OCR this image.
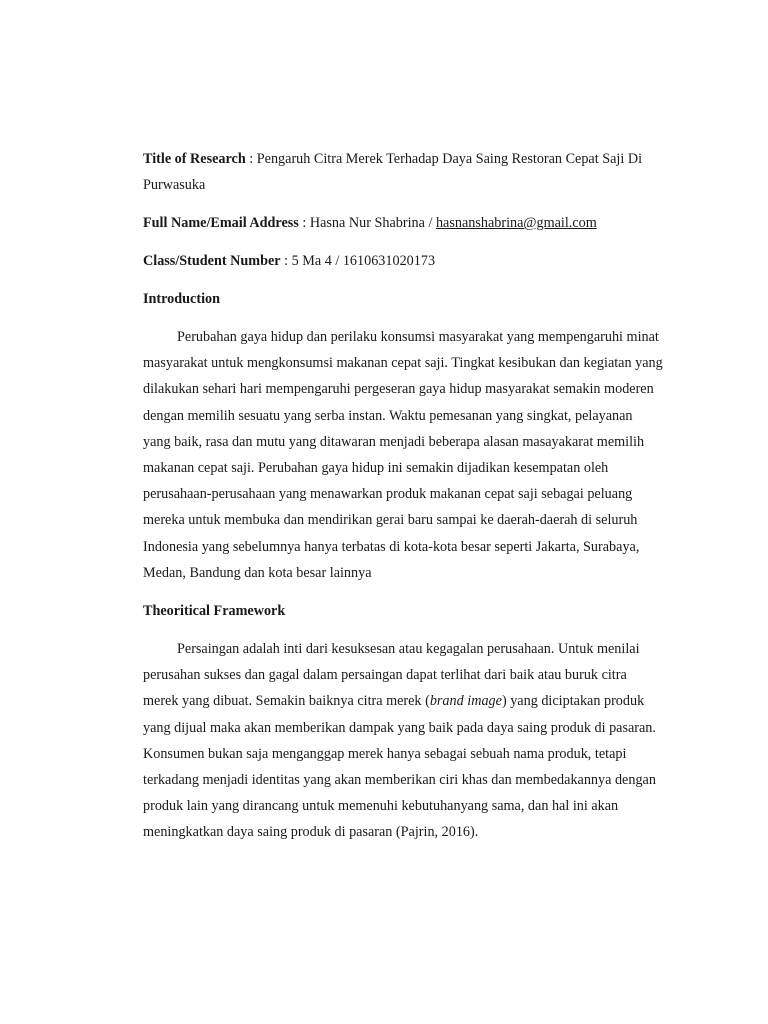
Title of Research : Pengaruh Citra Merek Terhadap Daya Saing Restoran Cepat Saji Di Purwasuka

Full Name/Email Address : Hasna Nur Shabrina / hasnanshabrina@gmail.com

Class/Student Number : 5 Ma 4 / 1610631020173

Introduction

Perubahan gaya hidup dan perilaku konsumsi masyarakat yang mempengaruhi minat masyarakat untuk mengkonsumsi makanan cepat saji. Tingkat kesibukan dan kegiatan yang dilakukan sehari hari mempengaruhi pergeseran gaya hidup masyarakat semakin moderen dengan memilih sesuatu yang serba instan. Waktu pemesanan yang singkat, pelayanan yang baik, rasa dan mutu yang ditawaran menjadi beberapa alasan masayakarat memilih makanan cepat saji. Perubahan gaya hidup ini semakin dijadikan kesempatan oleh perusahaan-perusahaan yang menawarkan produk makanan cepat saji sebagai peluang mereka untuk membuka dan mendirikan gerai baru sampai ke daerah-daerah di seluruh Indonesia yang sebelumnya hanya terbatas di kota-kota besar seperti Jakarta, Surabaya, Medan, Bandung dan kota besar lainnya

Theoritical Framework

Persaingan adalah inti dari kesuksesan atau kegagalan perusahaan. Untuk menilai perusahan sukses dan gagal dalam persaingan dapat terlihat dari baik atau buruk citra merek yang dibuat. Semakin baiknya citra merek (brand image) yang diciptakan produk yang dijual maka akan memberikan dampak yang baik pada daya saing produk di pasaran. Konsumen bukan saja menganggap merek hanya sebagai sebuah nama produk, tetapi terkadang menjadi identitas yang akan memberikan ciri khas dan membedakannya dengan produk lain yang dirancang untuk memenuhi kebutuhanyang sama, dan hal ini akan meningkatkan daya saing produk di pasaran (Pajrin, 2016).
